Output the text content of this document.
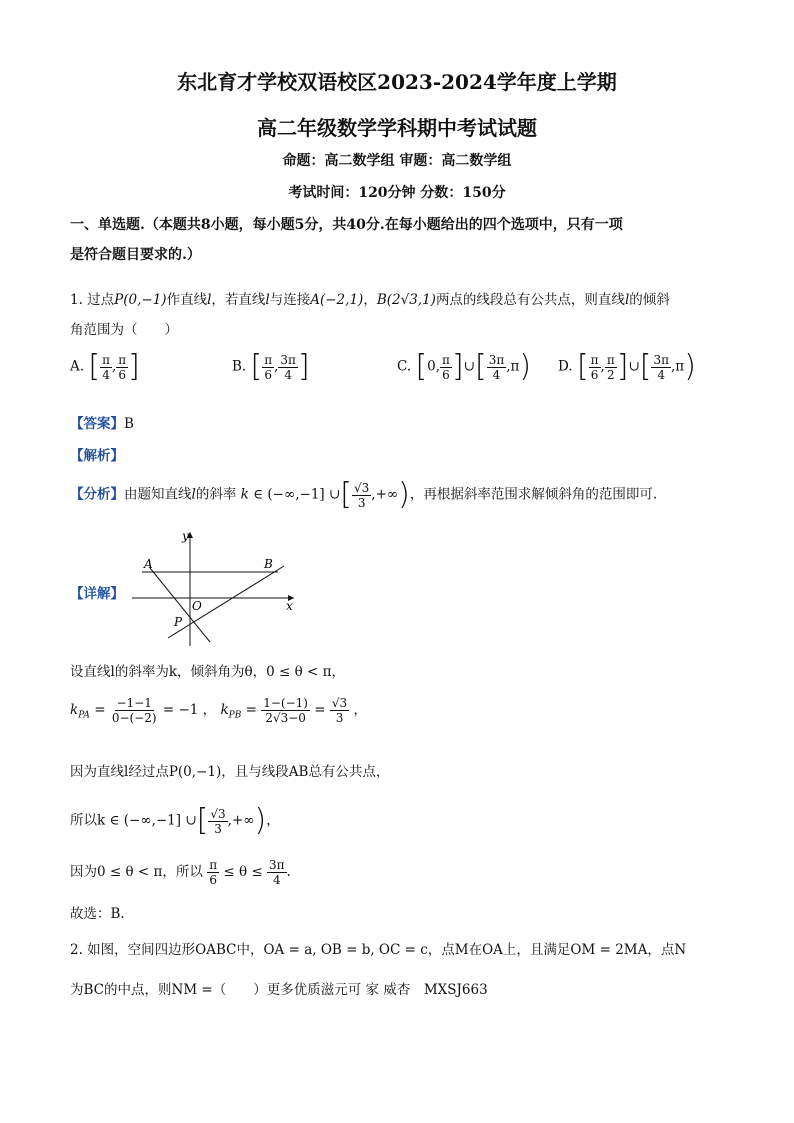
东北育才学校双语校区2023-2024学年度上学期
高二年级数学学科期中考试试题
命题：高二数学组 审题：高二数学组
考试时间：120分钟 分数：150分
一、单选题.（本题共8小题，每小题5分，共40分.在每小题给出的四个选项中，只有一项
是符合题目要求的.）
1. 过点P(0,−1)作直线l，若直线l与连接A(−2,1)，B(2√3,1)两点的线段总有公共点，则直线l的倾斜
角范围为（　　）
A. [ $\frac{\pi}{4}$ , $\frac{\pi}{6}$ ]	B. [ $\frac{\pi}{6}$ , $\frac{3\pi}{4}$ ]	C. [0, $\frac{\pi}{6}$ ]∪[ $\frac{3\pi}{4} ,\pi$) D. [ $\frac{\pi}{6}$ , $\frac{\pi}{2}$ ]∪[ $\frac{3\pi}{4} ,\pi$)
【答案】B
【解析】
【分析】由题知直线l的斜率 k ∈ (−∞,−1] ∪[ $\frac{√3}{3}$ ,+∞)，再根据斜率范围求解倾斜角的范围即可.
【详解】
y
x
A	B
O
P
设直线l的斜率为k，倾斜角为θ，0 ≤ θ < π，
$k_{PA} = \frac{-1-1}{0-(-2)} = -1$ ， $k_{PB} = \frac{1-(-1)}{2√3-0} = \frac{√3}{3}$ ，
因为直线l经过点P(0,−1)，且与线段AB总有公共点，
所以k ∈ (−∞,−1] ∪[ $\frac{√3}{3}$ ,+∞)，
因为0 ≤ θ < π，所以 $\frac{\pi}{6} \le \theta \le \frac{3\pi}{4}$ .
故选：B.
2. 如图，空间四边形OABC中，OA = a, OB = b, OC = c，点M在OA上，且满足OM = 2MA，点N
为BC的中点，则NM =（　　）更多优质滋元可 家 威杏　MXSJ663
